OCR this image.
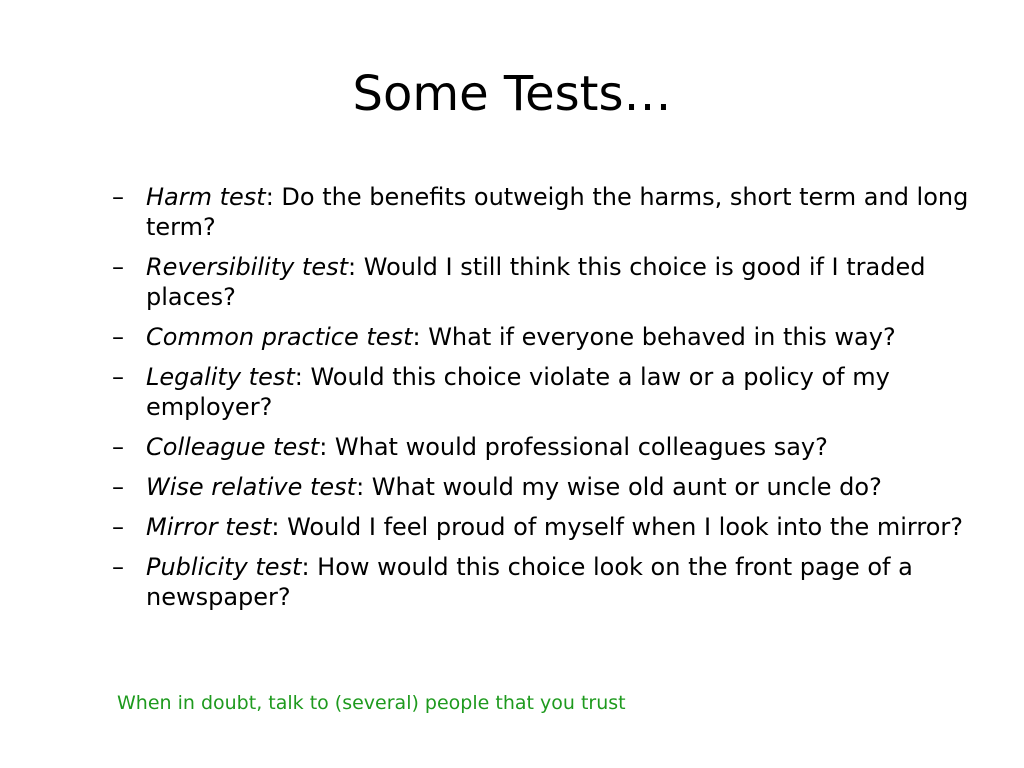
Some Tests…
– Harm test: Do the benefits outweigh the harms, short term and long term?
– Reversibility test: Would I still think this choice is good if I traded places?
– Common practice test: What if everyone behaved in this way?
– Legality test: Would this choice violate a law or a policy of my employer?
– Colleague test: What would professional colleagues say?
– Wise relative test: What would my wise old aunt or uncle do?
– Mirror test: Would I feel proud of myself when I look into the mirror?
– Publicity test: How would this choice look on the front page of a newspaper?
When in doubt, talk to (several) people that you trust
